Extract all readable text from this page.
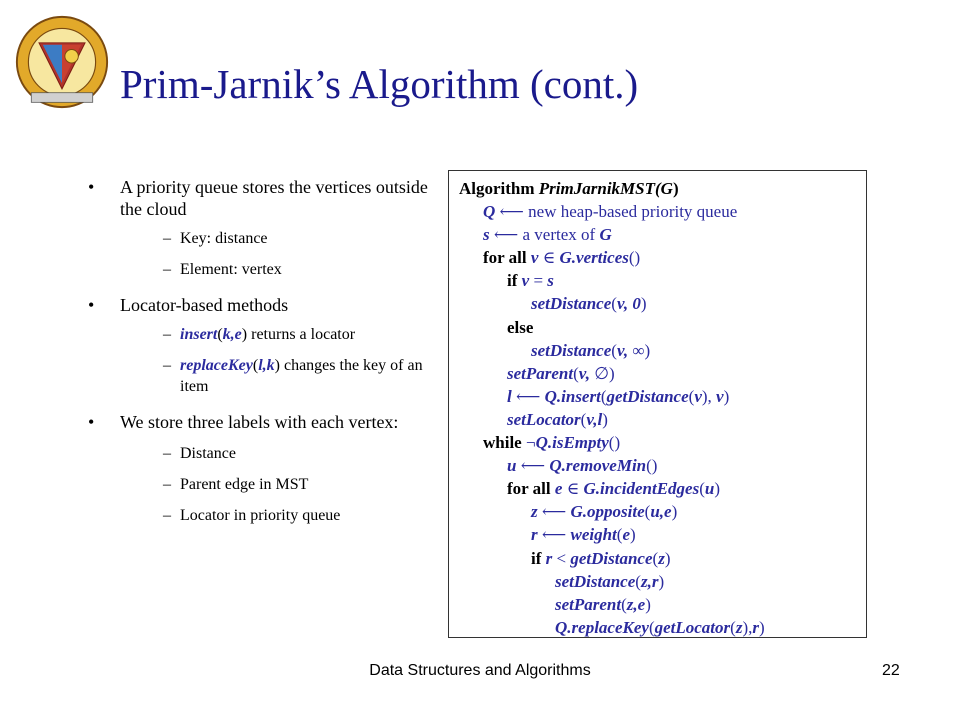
Prim-Jarnik’s Algorithm (cont.)
• A priority queue stores the vertices outside the cloud
– Key: distance
– Element: vertex
• Locator-based methods
– insert(k,e) returns a locator
– replaceKey(l,k) changes the key of an item
• We store three labels with each vertex:
– Distance
– Parent edge in MST
– Locator in priority queue
Algorithm PrimJarnikMST(G)
Q ⟵ new heap-based priority queue
s ⟵ a vertex of G
for all v ∈ G.vertices()
if v = s
setDistance(v, 0)
else
setDistance(v, ∞)
setParent(v, ∅)
l ⟵ Q.insert(getDistance(v), v)
setLocator(v,l)
while ¬Q.isEmpty()
u ⟵ Q.removeMin()
for all e ∈ G.incidentEdges(u)
z ⟵ G.opposite(u,e)
r ⟵ weight(e)
if r < getDistance(z)
setDistance(z,r)
setParent(z,e)
Q.replaceKey(getLocator(z),r)
Data Structures and Algorithms	22
